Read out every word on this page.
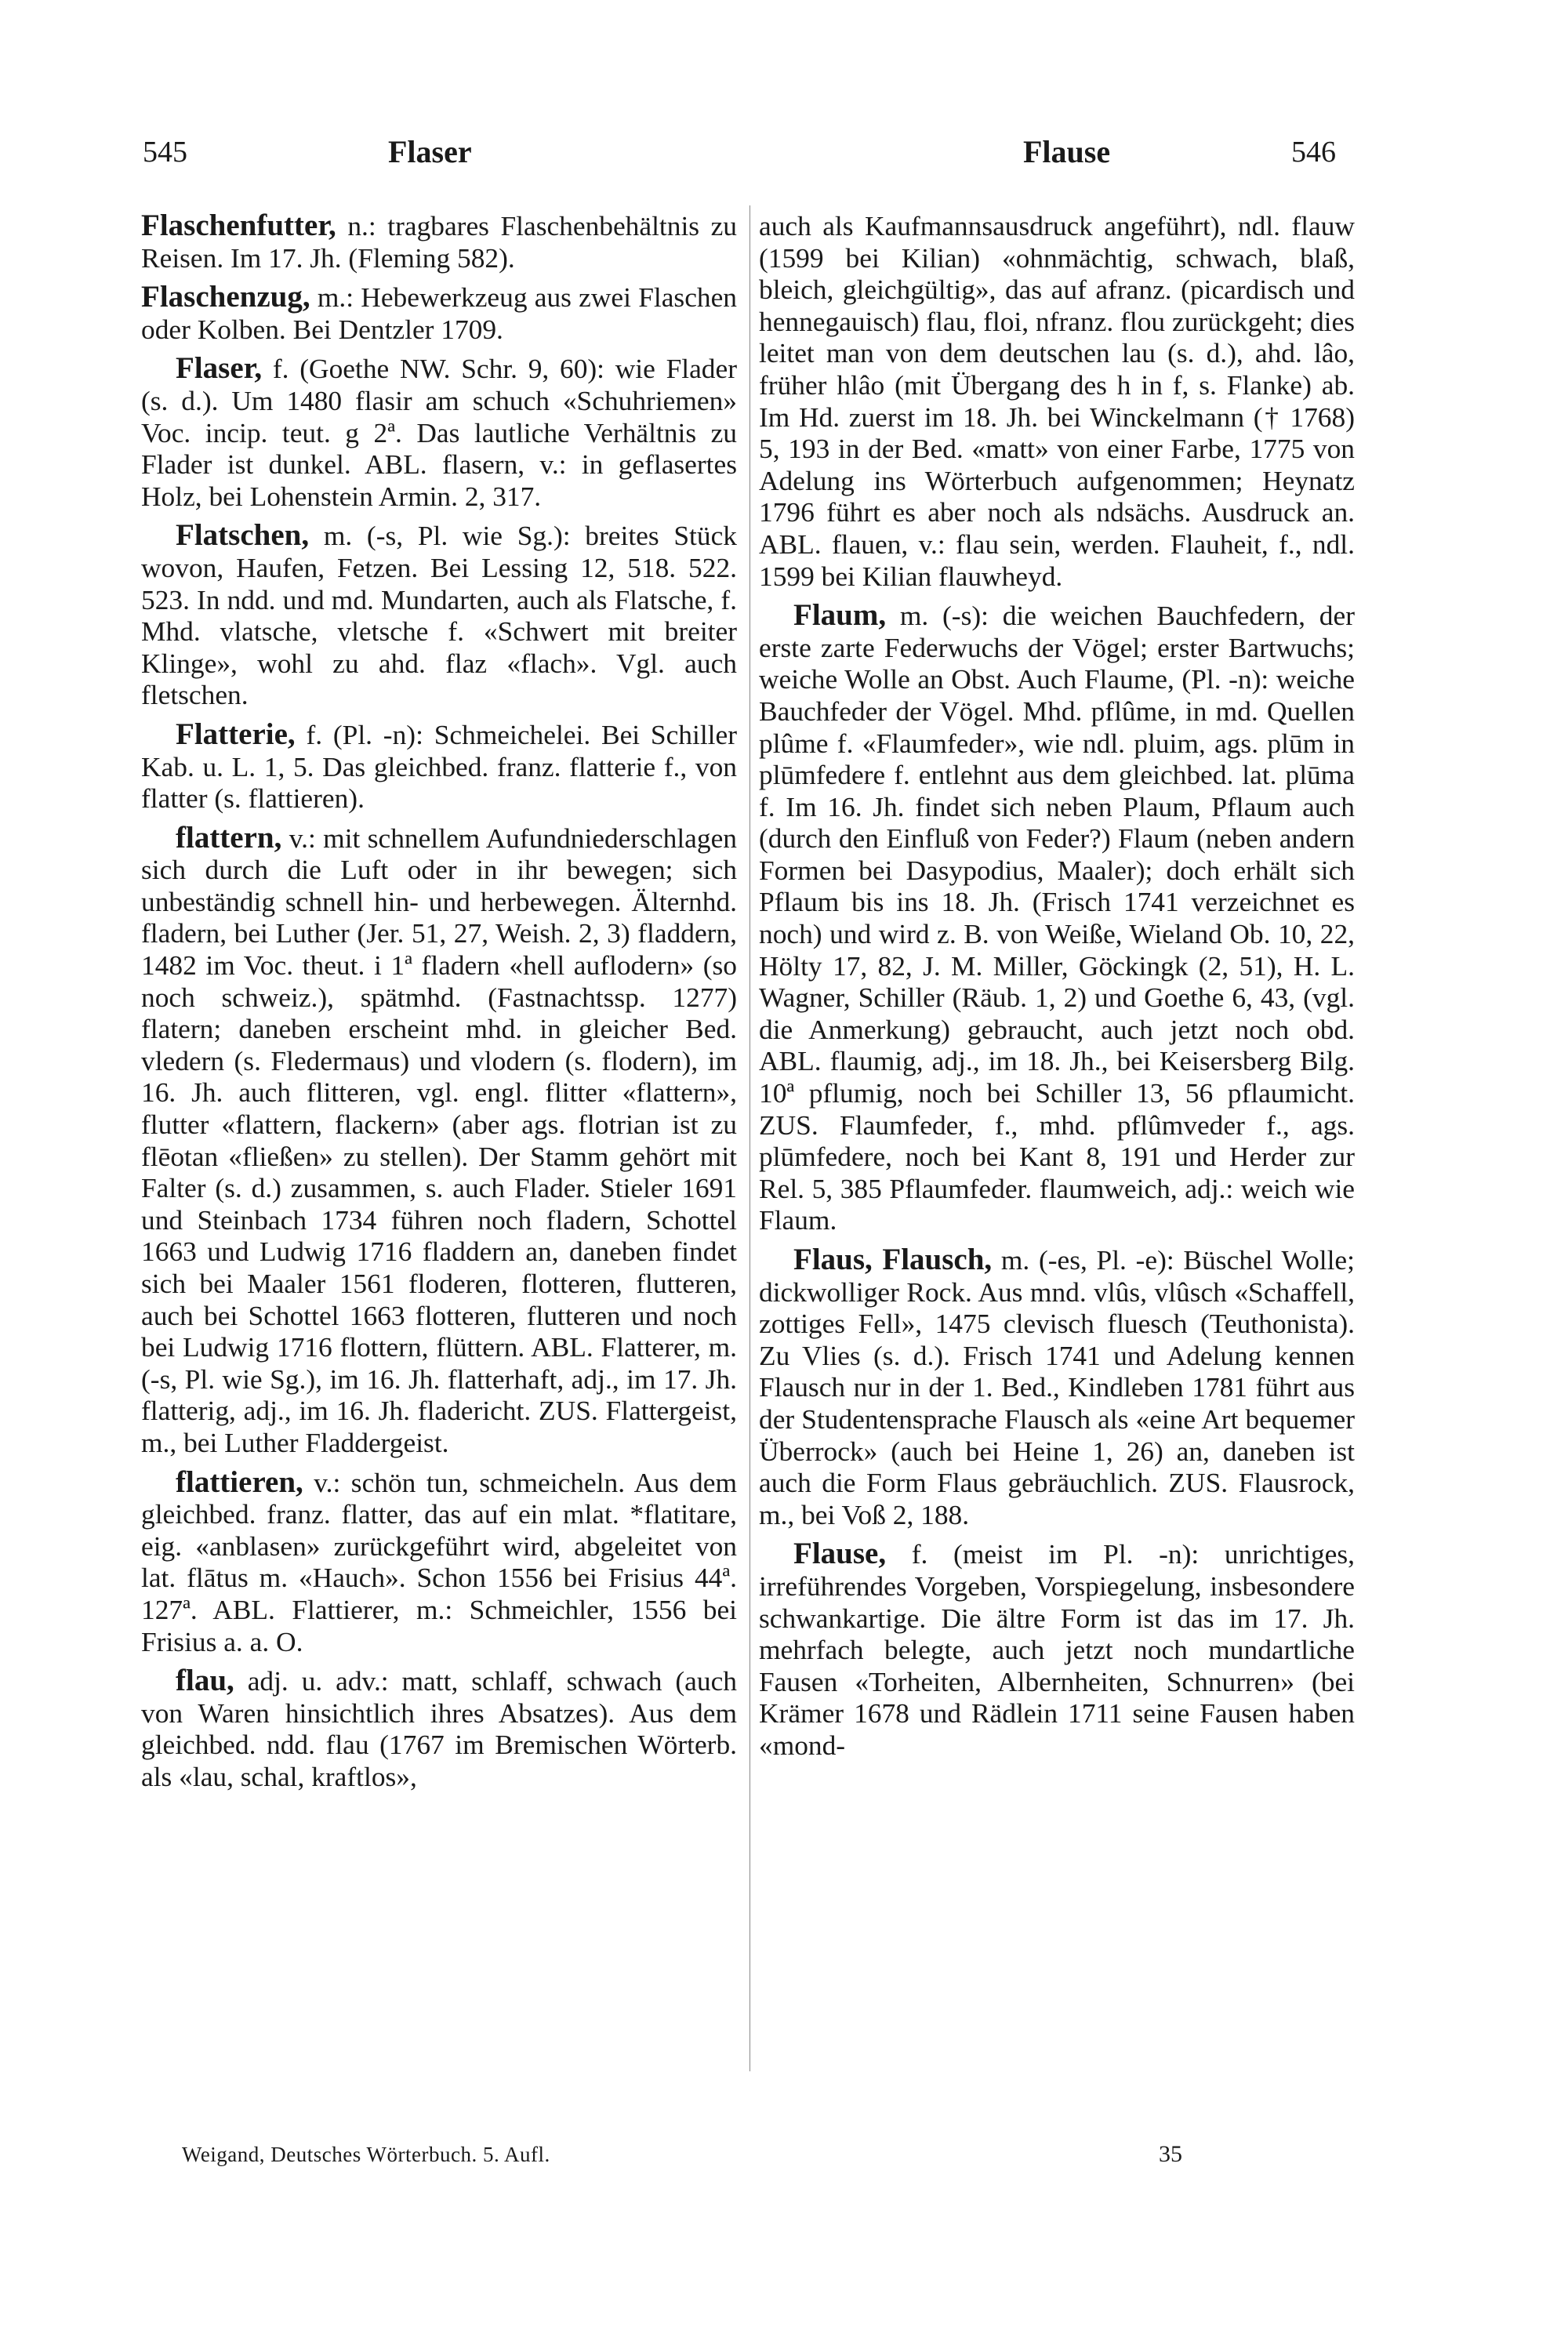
545	Flaser	Flause	546

Flaschenfutter, n.: tragbares Flaschenbehältnis zu Reisen. Im 17. Jh. (Fleming 582).

Flaschenzug, m.: Hebewerkzeug aus zwei Flaschen oder Kolben. Bei Dentzler 1709.

Flaser, f. (Goethe NW. Schr. 9, 60): wie Flader (s. d.). Um 1480 flasir am schuch «Schuhriemen» Voc. incip. teut. g 2ª. Das lautliche Verhältnis zu Flader ist dunkel. ABL. flasern, v.: in geflasertes Holz, bei Lohenstein Armin. 2, 317.

Flatschen, m. (-s, Pl. wie Sg.): breites Stück wovon, Haufen, Fetzen. Bei Lessing 12, 518. 522. 523. In ndd. und md. Mundarten, auch als Flatsche, f. Mhd. vlatsche, vletsche f. «Schwert mit breiter Klinge», wohl zu ahd. flaz «flach». Vgl. auch fletschen.

Flatterie, f. (Pl. -n): Schmeichelei. Bei Schiller Kab. u. L. 1, 5. Das gleichbed. franz. flatterie f., von flatter (s. flattieren).

flattern, v.: mit schnellem Aufundniederschlagen sich durch die Luft oder in ihr bewegen; sich unbeständig schnell hin- und herbewegen. Älternhd. fladern, bei Luther (Jer. 51, 27, Weish. 2, 3) fladdern, 1482 im Voc. theut. i 1ª fladern «hell auflodern» (so noch schweiz.), spätmhd. (Fastnachtssp. 1277) flatern; daneben erscheint mhd. in gleicher Bed. vledern (s. Fledermaus) und vlodern (s. flodern), im 16. Jh. auch flitteren, vgl. engl. flitter «flattern», flutter «flattern, flackern» (aber ags. flotrian ist zu flēotan «fließen» zu stellen). Der Stamm gehört mit Falter (s. d.) zusammen, s. auch Flader. Stieler 1691 und Steinbach 1734 führen noch fladern, Schottel 1663 und Ludwig 1716 fladdern an, daneben findet sich bei Maaler 1561 floderen, flotteren, flutteren, auch bei Schottel 1663 flotteren, flutteren und noch bei Ludwig 1716 flottern, flüttern. ABL. Flatterer, m. (-s, Pl. wie Sg.), im 16. Jh. flatterhaft, adj., im 17. Jh. flatterig, adj., im 16. Jh. fladericht. ZUS. Flattergeist, m., bei Luther Fladdergeist.

flattieren, v.: schön tun, schmeicheln. Aus dem gleichbed. franz. flatter, das auf ein mlat. *flatitare, eig. «anblasen» zurückgeführt wird, abgeleitet von lat. flātus m. «Hauch». Schon 1556 bei Frisius 44ª. 127ª. ABL. Flattierer, m.: Schmeichler, 1556 bei Frisius a. a. O.

flau, adj. u. adv.: matt, schlaff, schwach (auch von Waren hinsichtlich ihres Absatzes). Aus dem gleichbed. ndd. flau (1767 im Bremischen Wörterb. als «lau, schal, kraftlos»,

auch als Kaufmannsausdruck angeführt), ndl. flauw (1599 bei Kilian) «ohnmächtig, schwach, blaß, bleich, gleichgültig», das auf afranz. (picardisch und hennegauisch) flau, floi, nfranz. flou zurückgeht; dies leitet man von dem deutschen lau (s. d.), ahd. lâo, früher hlâo (mit Übergang des h in f, s. Flanke) ab. Im Hd. zuerst im 18. Jh. bei Winckelmann († 1768) 5, 193 in der Bed. «matt» von einer Farbe, 1775 von Adelung ins Wörterbuch aufgenommen; Heynatz 1796 führt es aber noch als ndsächs. Ausdruck an. ABL. flauen, v.: flau sein, werden. Flauheit, f., ndl. 1599 bei Kilian flauwheyd.

Flaum, m. (-s): die weichen Bauchfedern, der erste zarte Federwuchs der Vögel; erster Bartwuchs; weiche Wolle an Obst. Auch Flaume, (Pl. -n): weiche Bauchfeder der Vögel. Mhd. pflûme, in md. Quellen plûme f. «Flaumfeder», wie ndl. pluim, ags. plūm in plūmfedere f. entlehnt aus dem gleichbed. lat. plūma f. Im 16. Jh. findet sich neben Plaum, Pflaum auch (durch den Einfluß von Feder?) Flaum (neben andern Formen bei Dasypodius, Maaler); doch erhält sich Pflaum bis ins 18. Jh. (Frisch 1741 verzeichnet es noch) und wird z. B. von Weiße, Wieland Ob. 10, 22, Hölty 17, 82, J. M. Miller, Göckingk (2, 51), H. L. Wagner, Schiller (Räub. 1, 2) und Goethe 6, 43, (vgl. die Anmerkung) gebraucht, auch jetzt noch obd. ABL. flaumig, adj., im 18. Jh., bei Keisersberg Bilg. 10ª pflumig, noch bei Schiller 13, 56 pflaumicht. ZUS. Flaumfeder, f., mhd. pflûmveder f., ags. plūmfedere, noch bei Kant 8, 191 und Herder zur Rel. 5, 385 Pflaumfeder. flaumweich, adj.: weich wie Flaum.

Flaus, Flausch, m. (-es, Pl. -e): Büschel Wolle; dickwolliger Rock. Aus mnd. vlûs, vlûsch «Schaffell, zottiges Fell», 1475 clevisch fluesch (Teuthonista). Zu Vlies (s. d.). Frisch 1741 und Adelung kennen Flausch nur in der 1. Bed., Kindleben 1781 führt aus der Studentensprache Flausch als «eine Art bequemer Überrock» (auch bei Heine 1, 26) an, daneben ist auch die Form Flaus gebräuchlich. ZUS. Flausrock, m., bei Voß 2, 188.

Flause, f. (meist im Pl. -n): unrichtiges, irreführendes Vorgeben, Vorspiegelung, insbesondere schwankartige. Die ältre Form ist das im 17. Jh. mehrfach belegte, auch jetzt noch mundartliche Fausen «Torheiten, Albernheiten, Schnurren» (bei Krämer 1678 und Rädlein 1711 seine Fausen haben «mond-

Weigand, Deutsches Wörterbuch. 5. Aufl.	35
